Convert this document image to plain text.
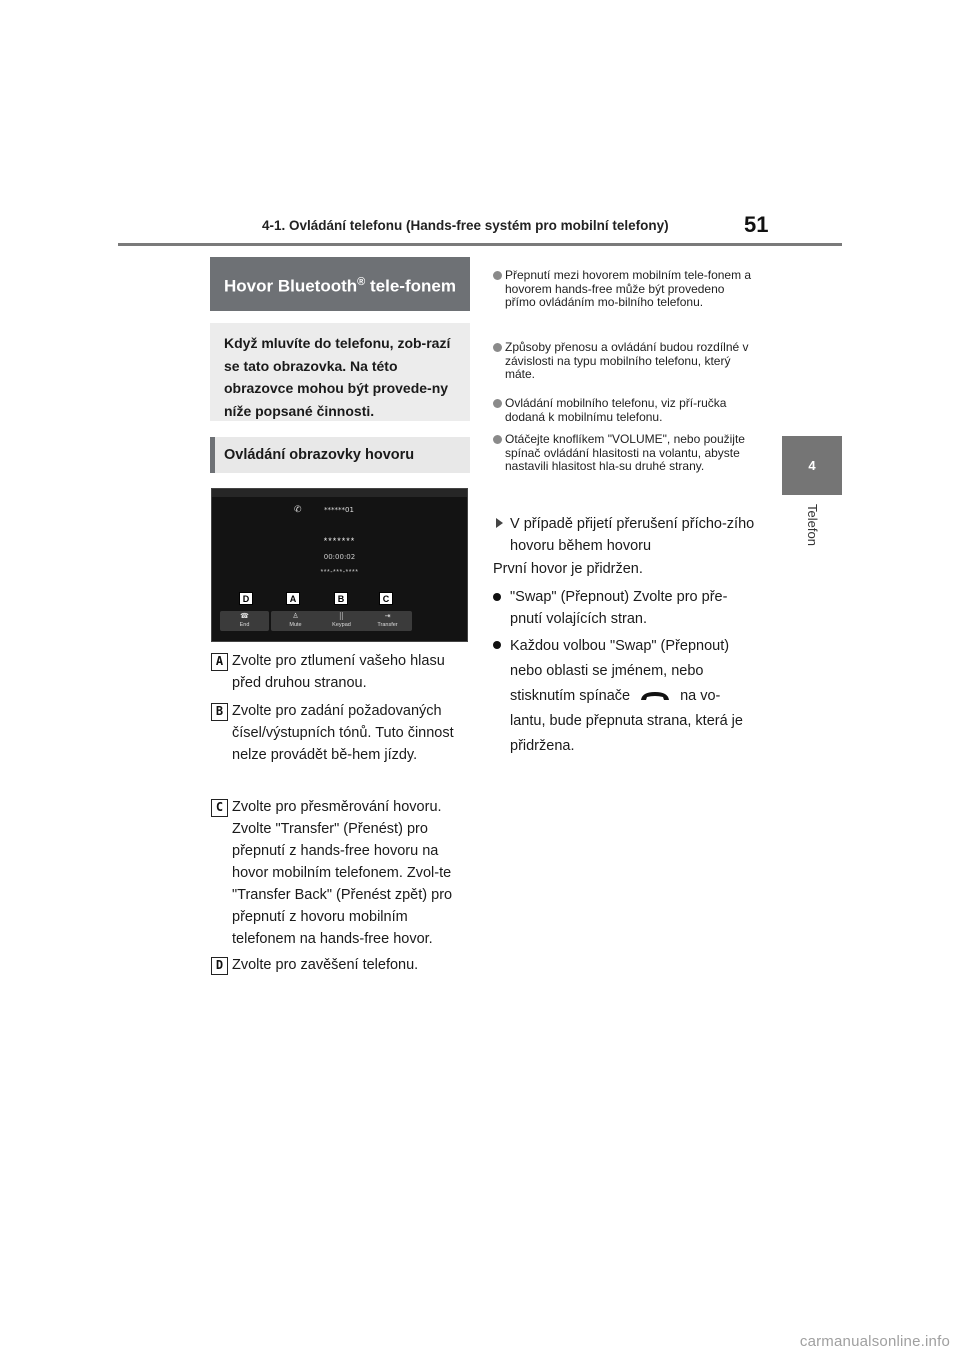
4-1. Ovládání telefonu (Hands-free systém pro mobilní telefony)	51
4
Telefon
Hovor Bluetooth® tele-fonem
Když mluvíte do telefonu, zob-razí se tato obrazovka. Na této obrazovce mohou být provede-ny níže popsané činnosti.
Ovládání obrazovky hovoru
✆	******01
*******
00:00:02
***-***-****
D	A	B	C
☎
End
♙
Mute
⣿
Keypad
⇥
Transfer
A Zvolte pro ztlumení vašeho hlasu před druhou stranou.
B Zvolte pro zadání požadovaných čísel/výstupních tónů. Tuto činnost nelze provádět bě-hem jízdy.
C Zvolte pro přesměrování hovoru. Zvolte "Transfer" (Přenést) pro přepnutí z hands-free hovoru na hovor mobilním telefonem. Zvol-te "Transfer Back" (Přenést zpět) pro přepnutí z hovoru mobilním telefonem na hands-free hovor.
D Zvolte pro zavěšení telefonu.
Přepnutí mezi hovorem mobilním tele-fonem a hovorem hands-free může být provedeno přímo ovládáním mo-bilního telefonu.
Způsoby přenosu a ovládání budou rozdílné v závislosti na typu mobilního telefonu, který máte.
Ovládání mobilního telefonu, viz pří-ručka dodaná k mobilnímu telefonu.
Otáčejte knoflíkem "VOLUME", nebo použijte spínač ovládání hlasitosti na volantu, abyste nastavili hlasitost hla-su druhé strany.
V případě přijetí přerušení přícho-zího hovoru během hovoru
První hovor je přidržen.
"Swap" (Přepnout) Zvolte pro pře-pnutí volajících stran.
Každou volbou "Swap" (Přepnout) nebo oblasti se jménem, nebo stisknutím spínače	na vo-lantu, bude přepnuta strana, která je přidržena.
carmanualsonline.info
